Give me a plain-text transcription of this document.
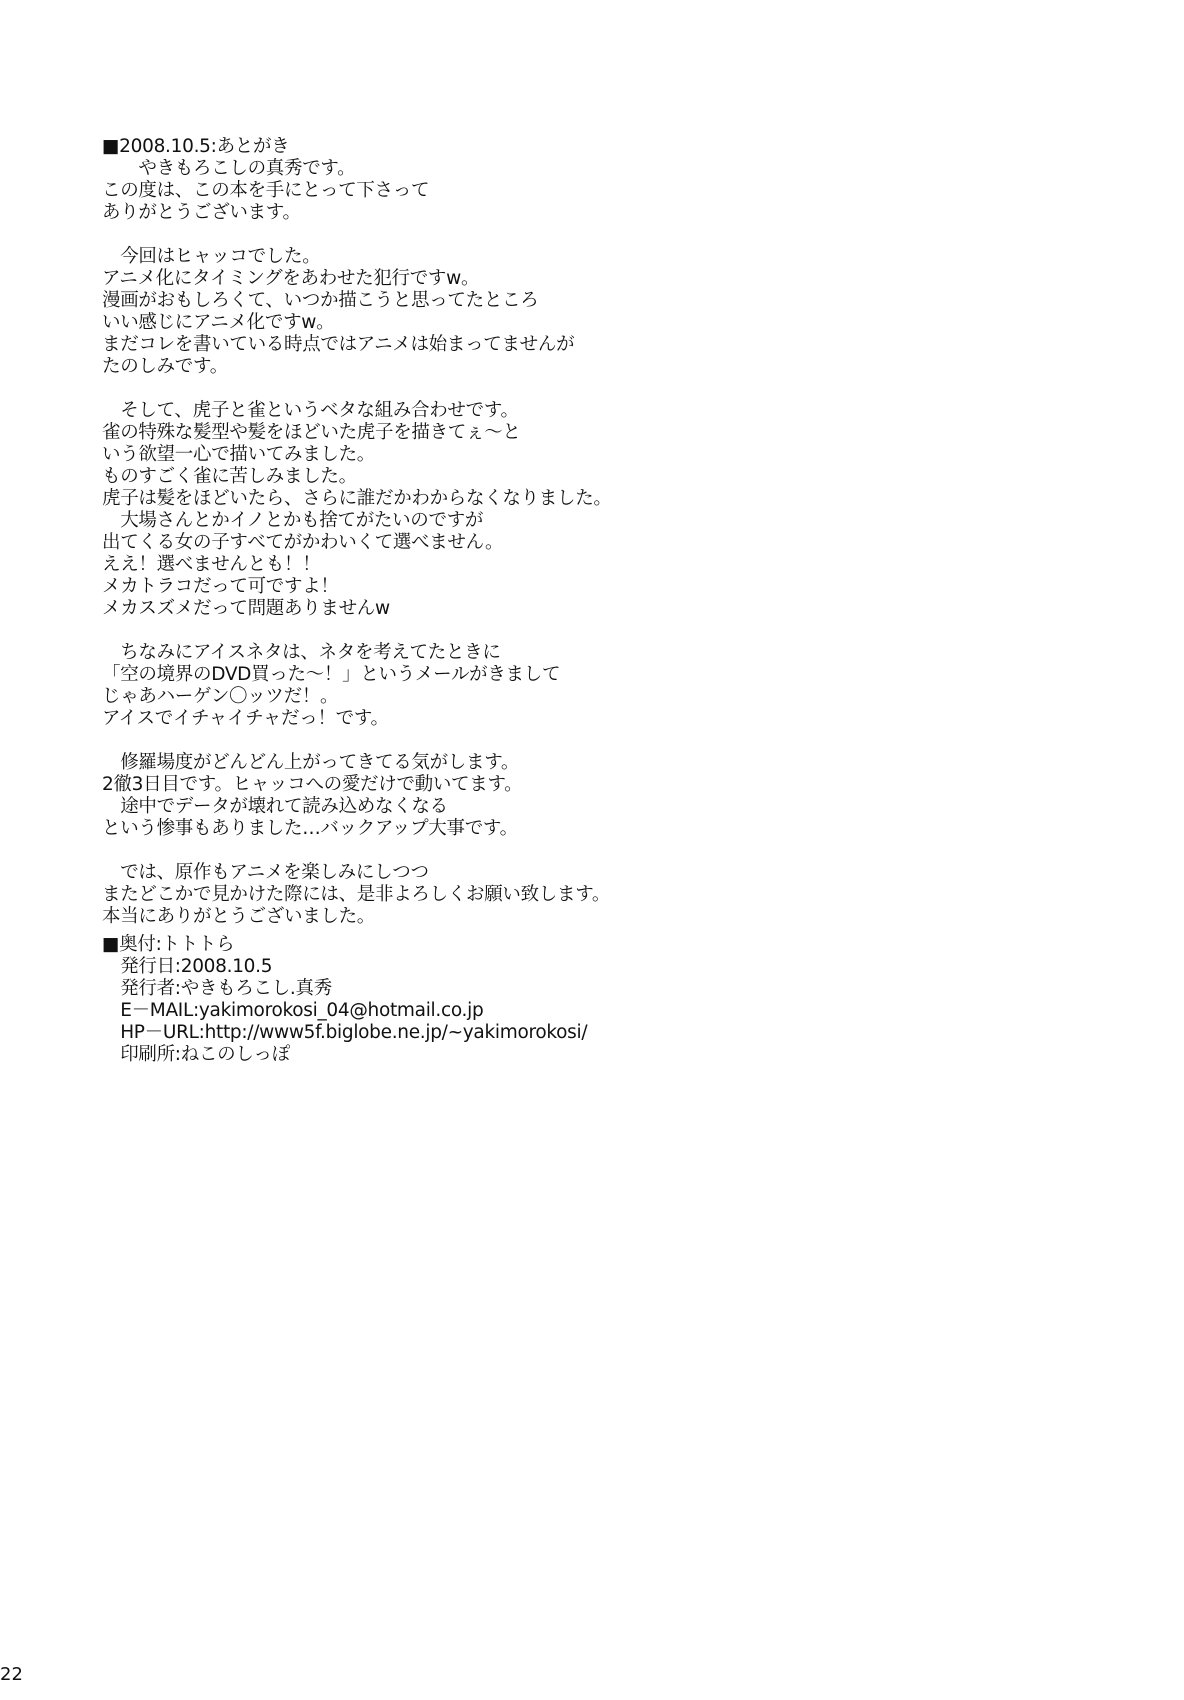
■2008.10.5:あとがき
　　やきもろこしの真秀です。
この度は、この本を手にとって下さって
ありがとうございます。
　今回はヒャッコでした。
アニメ化にタイミングをあわせた犯行ですw。
漫画がおもしろくて、いつか描こうと思ってたところ
いい感じにアニメ化ですw。
まだコレを書いている時点ではアニメは始まってませんが
たのしみです。
　そして、虎子と雀というベタな組み合わせです。
雀の特殊な髪型や髪をほどいた虎子を描きてぇ～と
いう欲望一心で描いてみました。
ものすごく雀に苦しみました。
虎子は髪をほどいたら、さらに誰だかわからなくなりました。
　大場さんとかイノとかも捨てがたいのですが
出てくる女の子すべてがかわいくて選べません。
ええ！選べませんとも！！
メカトラコだって可ですよ！
メカスズメだって問題ありませんw
　ちなみにアイスネタは、ネタを考えてたときに
「空の境界のDVD買った～！」というメールがきまして
じゃあハーゲン〇ッツだ！。
アイスでイチャイチャだっ！です。
　修羅場度がどんどん上がってきてる気がします。
2徹3日目です。ヒャッコへの愛だけで動いてます。
　途中でデータが壊れて読み込めなくなる
という惨事もありました…バックアップ大事です。
　では、原作もアニメを楽しみにしつつ
またどこかで見かけた際には、是非よろしくお願い致します。
本当にありがとうございました。
■奥付:トトトら
　発行日:2008.10.5
　発行者:やきもろこし.真秀
　E－MAIL:yakimorokosi_04@hotmail.co.jp
　HP－URL:http://www5f.biglobe.ne.jp/~yakimorokosi/
　印刷所:ねこのしっぽ
22
